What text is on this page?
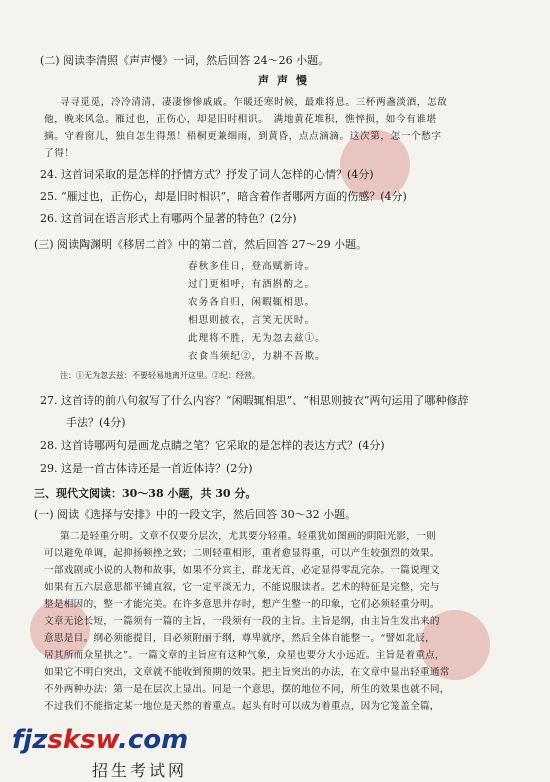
(二) 阅读李清照《声声慢》一词，然后回答 24～26 小题。
声声慢
寻寻觅觅，冷冷清清，凄凄惨惨戚戚。乍暖还寒时候，最难将息。三杯两盏淡酒，怎敌
他，晚来风急。雁过也，正伤心，却是旧时相识。　满地黄花堆积，憔悴损，如今有谁堪
摘。守着窗儿，独自怎生得黑！梧桐更兼细雨，到黄昏，点点滴滴。这次第，怎一个愁字
了得！
24. 这首词采取的是怎样的抒情方式？抒发了词人怎样的心情？(4分)
25. “雁过也，正伤心，却是旧时相识”，暗含着作者哪两方面的伤感？(4分)
26. 这首词在语言形式上有哪两个显著的特色？(2分)
(三) 阅读陶渊明《移居二首》中的第二首，然后回答 27～29 小题。
春秋多佳日，登高赋新诗。
过门更相呼，有酒斟酌之。
农务各自归，闲暇辄相思。
相思则披衣，言笑无厌时。
此理将不胜，无为忽去兹①。
衣食当须纪②，力耕不吾欺。
注：①无为忽去兹：不要轻易地离开这里。②纪：经营。
27. 这首诗的前八句叙写了什么内容？“闲暇辄相思”、“相思则披衣”两句运用了哪种修辞
手法？(4分)
28. 这首诗哪两句是画龙点睛之笔？它采取的是怎样的表达方式？(4分)
29. 这是一首古体诗还是一首近体诗？(2分)
三、现代文阅读：30～38 小题，共 30 分。
(一) 阅读《选择与安排》中的一段文字，然后回答 30～32 小题。
第二是轻重分明。文章不仅要分层次，尤其要分轻重。轻重犹如图画的阴阳光影，一则
可以避免单调，起抑扬顿挫之致；二则轻重相形，重者愈显得重，可以产生较强烈的效果。
一部戏剧或小说的人物和故事，如果不分宾主，群龙无首，必定显得零乱完杂。一篇说理文
如果有五六层意思都平铺直叙，它一定平淡无力，不能说服读者。艺术的特征是完整，完与
整是相因的，整一才能完美。在许多意思并存时，想产生整一的印象，它们必须轻重分明。
文章无论长短，一篇须有一篇的主旨，一段须有一段的主旨。主旨是纲，由主旨生发出来的
意思是目。纲必须能提目，目必须附丽于纲，尊卑就序，然后全体自能整一。“譬如北辰，
居其所而众星拱之”。一篇文章的主旨应有这种气象，众星也要分大小远近。主旨是着重点，
如果它不明白突出，文章就不能收到预期的效果。把主旨突出的办法，在文章中显出轻重通常
不外两种办法：第一是在层次上显出。同是一个意思，摆的地位不同，所生的效果也就不同，
不过我们不能指定某一地位是天然的着重点。起头有时可以成为着重点，因为它笼盖全篇，
fjzsksw.com
招生考试网
